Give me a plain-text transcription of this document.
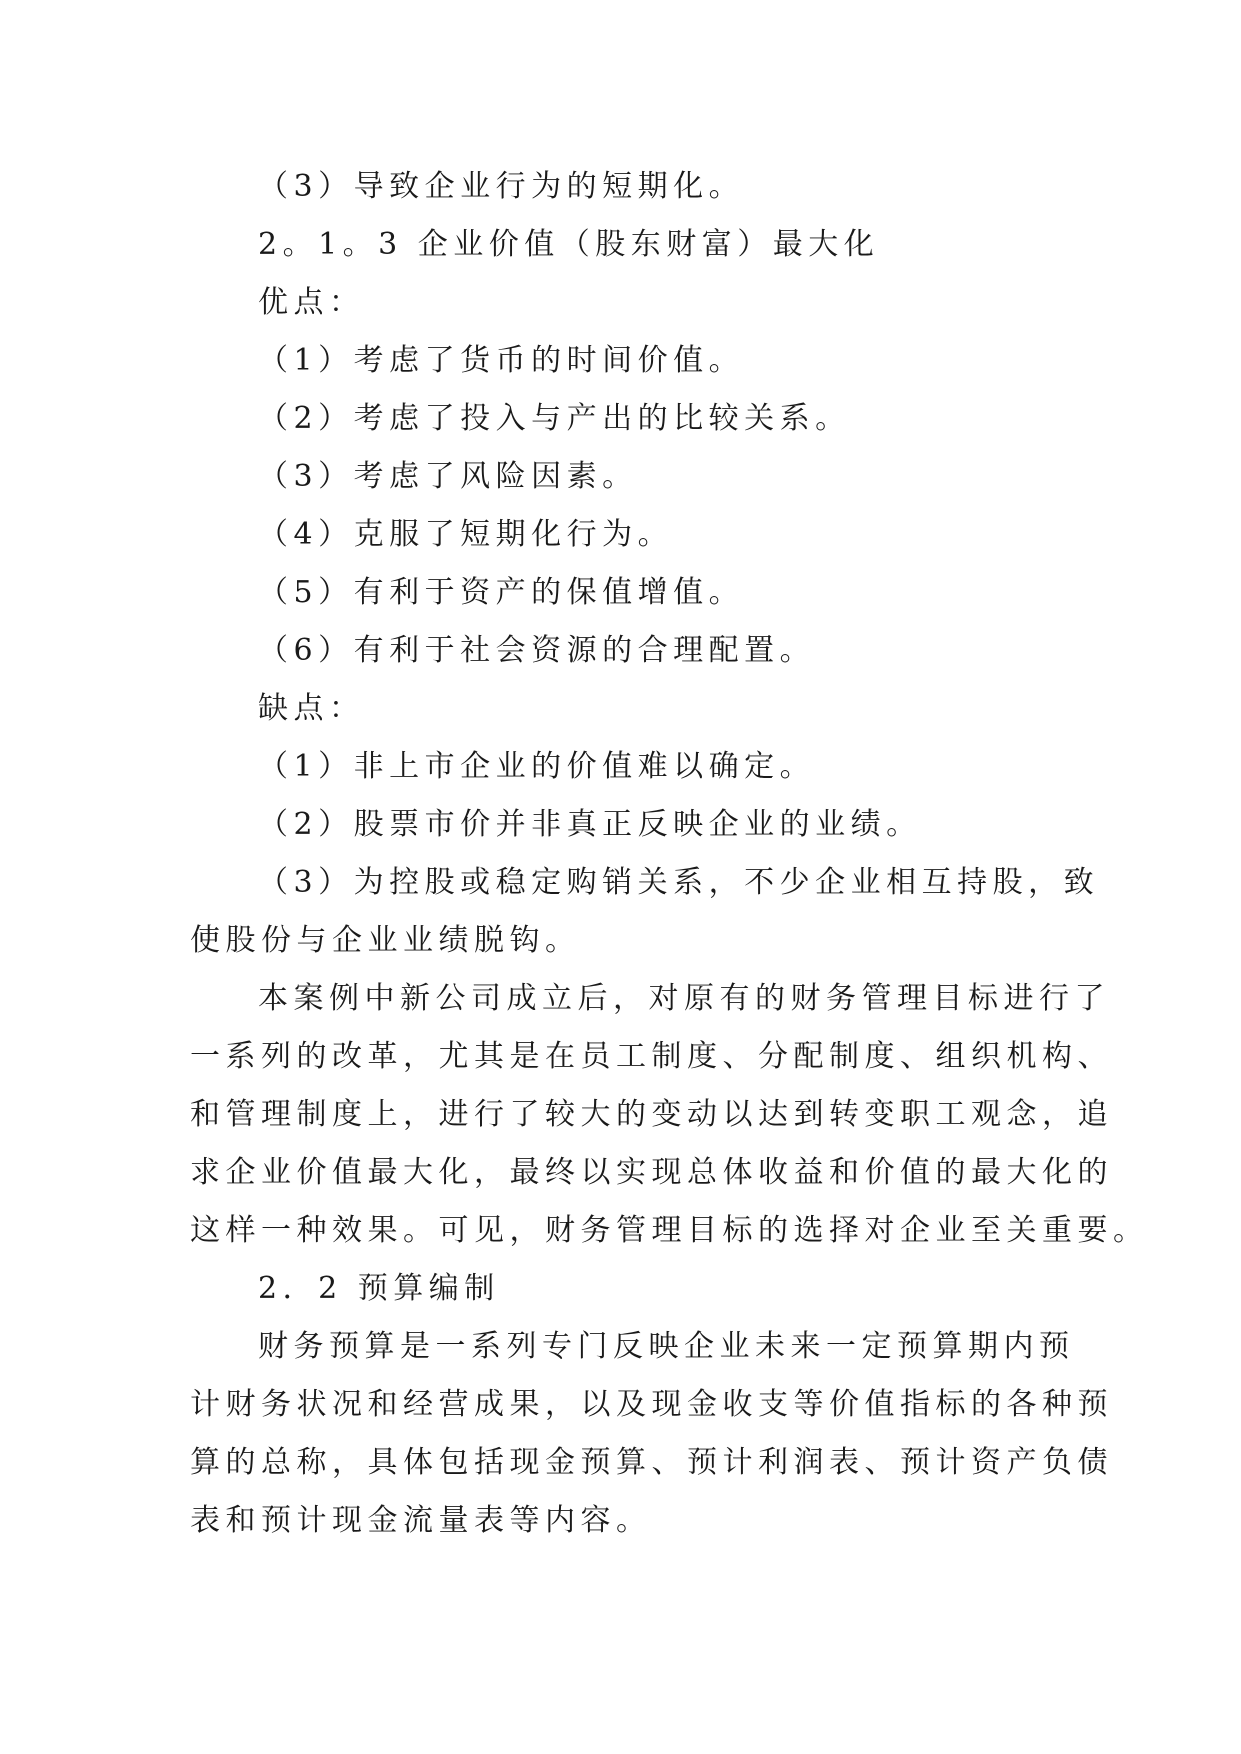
（3）导致企业行为的短期化。
2。1。3 企业价值（股东财富）最大化
优点：
（1）考虑了货币的时间价值。
（2）考虑了投入与产出的比较关系。
（3）考虑了风险因素。
（4）克服了短期化行为。
（5）有利于资产的保值增值。
（6）有利于社会资源的合理配置。
缺点：
（1）非上市企业的价值难以确定。
（2）股票市价并非真正反映企业的业绩。
（3）为控股或稳定购销关系，不少企业相互持股，致
使股份与企业业绩脱钩。
本案例中新公司成立后，对原有的财务管理目标进行了
一系列的改革，尤其是在员工制度、分配制度、组织机构、
和管理制度上，进行了较大的变动以达到转变职工观念，追
求企业价值最大化，最终以实现总体收益和价值的最大化的
这样一种效果。可见，财务管理目标的选择对企业至关重要。
2．2 预算编制
财务预算是一系列专门反映企业未来一定预算期内预
计财务状况和经营成果，以及现金收支等价值指标的各种预
算的总称，具体包括现金预算、预计利润表、预计资产负债
表和预计现金流量表等内容。
